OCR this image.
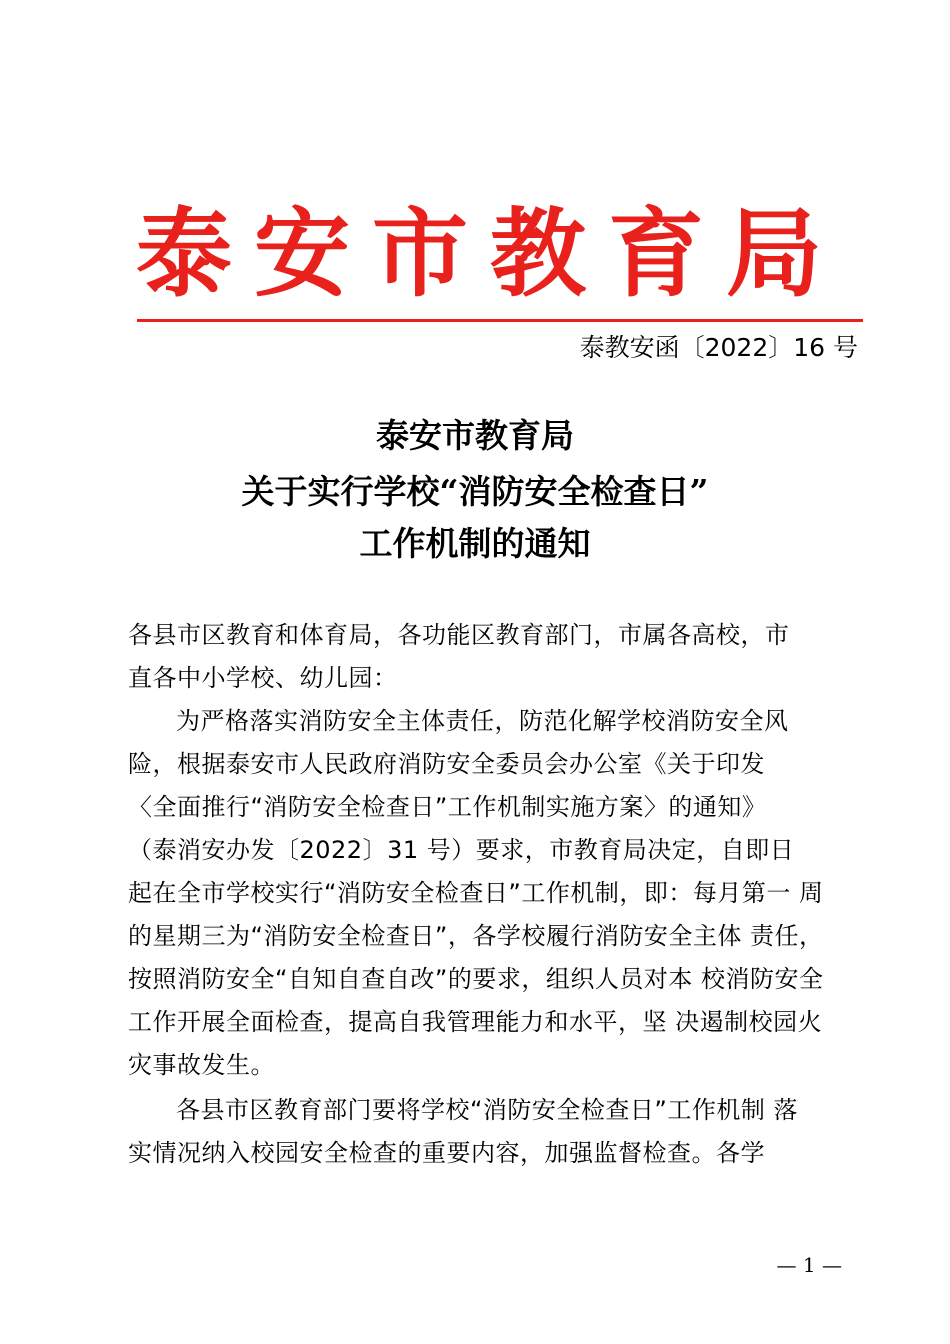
泰安市教育局
泰教安函〔2022〕16 号
泰安市教育局
关于实行学校“消防安全检查日”
工作机制的通知
各县市区教育和体育局，各功能区教育部门，市属各高校，市
直各中小学校、幼儿园：
为严格落实消防安全主体责任，防范化解学校消防安全风
险，根据泰安市人民政府消防安全委员会办公室《关于印发
〈全面推行“消防安全检查日”工作机制实施方案〉的通知》
（泰消安办发〔2022〕31 号）要求，市教育局决定，自即日
起在全市学校实行“消防安全检查日”工作机制，即：每月第一 周
的星期三为“消防安全检查日”，各学校履行消防安全主体 责任，
按照消防安全“自知自查自改”的要求，组织人员对本 校消防安全
工作开展全面检查，提高自我管理能力和水平，坚 决遏制校园火
灾事故发生。
各县市区教育部门要将学校“消防安全检查日”工作机制 落
实情况纳入校园安全检查的重要内容，加强监督检查。各学
— 1 —
